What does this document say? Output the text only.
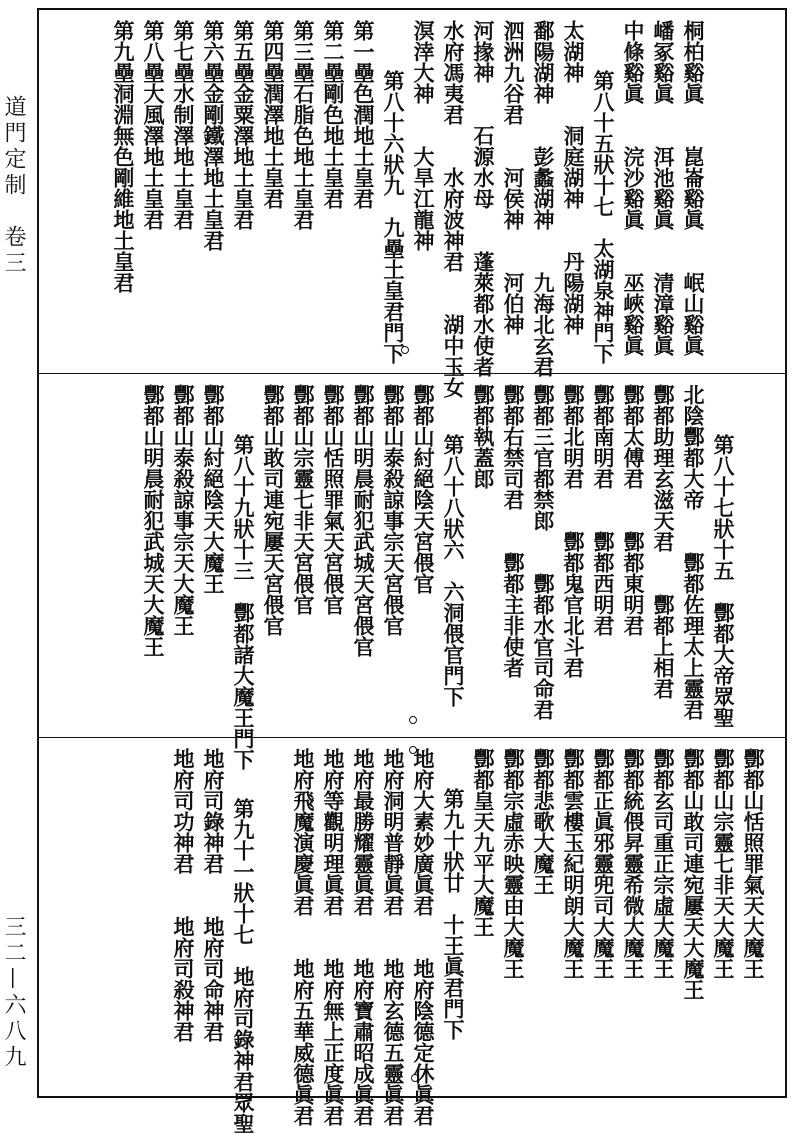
道門定制　卷三
三二—六八九
桐柏谿眞　　崑崙谿眞　　岷山谿眞
嶓冢谿眞　　洱池谿眞　　清漳谿眞
中條谿眞　　浣沙谿眞　　巫峽谿眞
第八十五狀十七　太湖泉神門下
太湖神　　洞庭湖神　　丹陽湖神
鄱陽湖神　　彭蠡湖神　　九海北玄君
泗洲九谷君　　河侯神　　河伯神
河掾神　　石源水母　　蓬萊都水使者
水府馮夷君　　水府波神君　　湖中玉女
溟涬大神　　大旱江龍神
第八十六狀九　九壘土皇君門下
第一壘色潤地土皇君
第二壘剛色地土皇君
第三壘石脂色地土皇君
第四壘潤澤地土皇君
第五壘金粟澤地土皇君
第六壘金剛鐵澤地土皇君
第七壘水制澤地土皇君
第八壘大風澤地土皇君
第九壘洞淵無色剛維地土皇君
第八十七狀十五　酆都大帝眾聖
北陰酆都大帝　　酆都佐理太上靈君
酆都助理玄滋天君　　酆都上相君
酆都太傅君　　酆都東明君
酆都南明君　　酆都西明君
酆都北明君　　酆都鬼官北斗君
酆都三官都禁郎　　酆都水官司命君
酆都右禁司君　　酆都主非使者
酆都執蓋郎
第八十八狀六　六洞偎官門下
酆都山紂絕陰天宮偎官
酆都山泰殺諒事宗天宮偎官
酆都山明晨耐犯武城天宮偎官
酆都山恬照罪氣天宮偎官
酆都山宗靈七非天宮偎官
酆都山敢司連宛屢天宮偎官
第八十九狀十三　酆都諸大魔王門下
酆都山紂絕陰天大魔王
酆都山泰殺諒事宗天大魔王
酆都山明晨耐犯武城天大魔王
酆都山恬照罪氣天大魔王
酆都山宗靈七非天大魔王
酆都山敢司連宛屢天大魔王
酆都玄司重正宗虛大魔王
酆都統偎昇靈希微大魔王
酆都正眞邪靈兜司大魔王
酆都雲樓玉紀明朗大魔王
酆都悲歌大魔王
酆都宗虛赤映靈由大魔王
酆都皇天九平大魔王
第九十狀廿　十王眞君門下
地府大素妙廣眞君　　地府陰德定休眞君
地府洞明普靜眞君　　地府玄德五靈眞君
地府最勝耀靈眞君　　地府寶肅昭成眞君
地府等觀明理眞君　　地府無上正度眞君
地府飛魔演慶眞君　　地府五華威德眞君
第九十一狀十七　地府司錄神君眾聖
地府司錄神君　　地府司命神君
地府司功神君　　地府司殺神君
